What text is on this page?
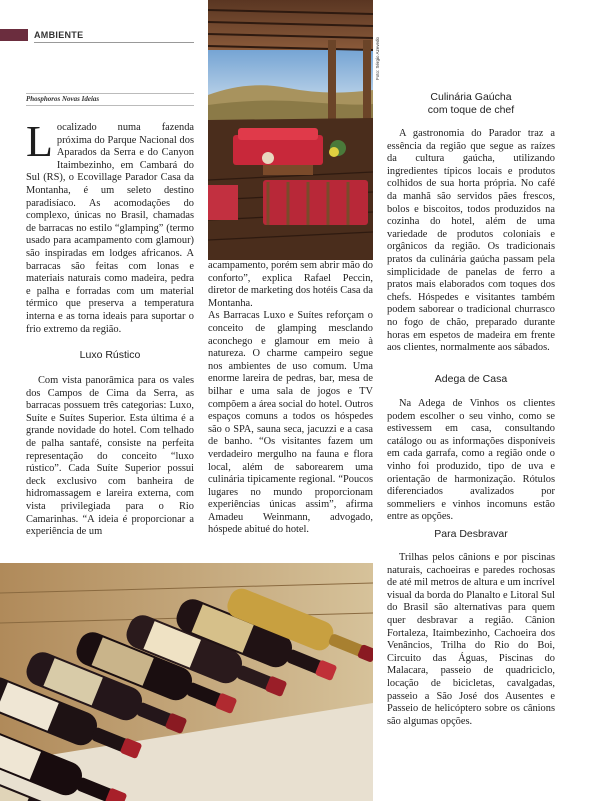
AMBIENTE
Phosphoros Novas Ideias
Foto: Sérgio Azevedo

Localizado numa fazenda próxima do Parque Nacional dos Aparados da Serra e do Canyon Itaimbezinho, em Cambará do Sul (RS), o Ecovillage Parador Casa da Montanha, é um seleto destino paradisíaco. As acomodações do complexo, únicas no Brasil, chamadas de barracas no estilo “glamping” (termo usado para acampamento com glamour) são inspiradas em lodges africanos. A barracas são feitas com lonas e materiais naturais como madeira, pedra e palha e forradas com um material térmico que preserva a temperatura interna e as torna ideais para suportar o frio extremo da região.

Luxo Rústico

Com vista panorâmica para os vales dos Campos de Cima da Serra, as barracas possuem três categorias: Luxo, Suíte e Suítes Superior. Esta última é a grande novidade do hotel. Com telhado de palha santafé, consiste na perfeita representação do conceito “luxo rústico”. Cada Suíte Superior possui deck exclusivo com banheira de hidromassagem e lareira externa, com vista privilegiada para o Rio Camarinhas. “A ideia é proporcionar a experiência de um

acampamento, porém sem abrir mão do conforto”, explica Rafael Peccin, diretor de marketing dos hotéis Casa da Montanha.

As Barracas Luxo e Suítes reforçam o conceito de glamping mesclando aconchego e glamour em meio à natureza. O charme campeiro segue nos ambientes de uso comum. Uma enorme lareira de pedras, bar, mesa de bilhar e uma sala de jogos e TV compõem a área social do hotel. Outros espaços comuns a todos os hóspedes são o SPA, sauna seca, jacuzzi e a casa de banho. “Os visitantes fazem um verdadeiro mergulho na fauna e flora local, além de saborearem uma culinária tipicamente regional. “Poucos lugares no mundo proporcionam experiências únicas assim”, afirma Amadeu Weinmann, advogado, hóspede abitué do hotel.

Culinária Gaúcha
com toque de chef

A gastronomia do Parador traz a essência da região que segue as raízes da cultura gaúcha, utilizando ingredientes típicos locais e produtos colhidos de sua horta própria. No café da manhã são servidos pães frescos, bolos e biscoitos, todos produzidos na cozinha do hotel, além de uma variedade de produtos coloniais e orgânicos da região. Os tradicionais pratos da culinária gaúcha passam pela simplicidade de panelas de ferro a pratos mais elaborados com toques dos chefs. Hóspedes e visitantes também podem saborear o tradicional churrasco no fogo de chão, preparado durante horas em espetos de madeira em frente aos clientes, normalmente aos sábados.

Adega de Casa

Na Adega de Vinhos os clientes podem escolher o seu vinho, como se estivessem em casa, consultando catálogo ou as informações disponíveis em cada garrafa, como a região onde o vinho foi produzido, tipo de uva e orientação de harmonização. Rótulos diferenciados avalizados por sommeliers e vinhos incomuns estão entre as opções.

Para Desbravar

Trilhas pelos cânions e por piscinas naturais, cachoeiras e paredes rochosas de até mil metros de altura e um incrível visual da borda do Planalto e Litoral Sul do Brasil são alternativas para quem quer desbravar a região. Cânion Fortaleza, Itaimbezinho, Cachoeira dos Venâncios, Trilha do Rio do Boi, Circuito das Águas, Piscinas do Malacara, passeio de quadriciclo, locação de bicicletas, cavalgadas, passeio a São José dos Ausentes e Passeio de helicóptero sobre os cânions são algumas opções.
